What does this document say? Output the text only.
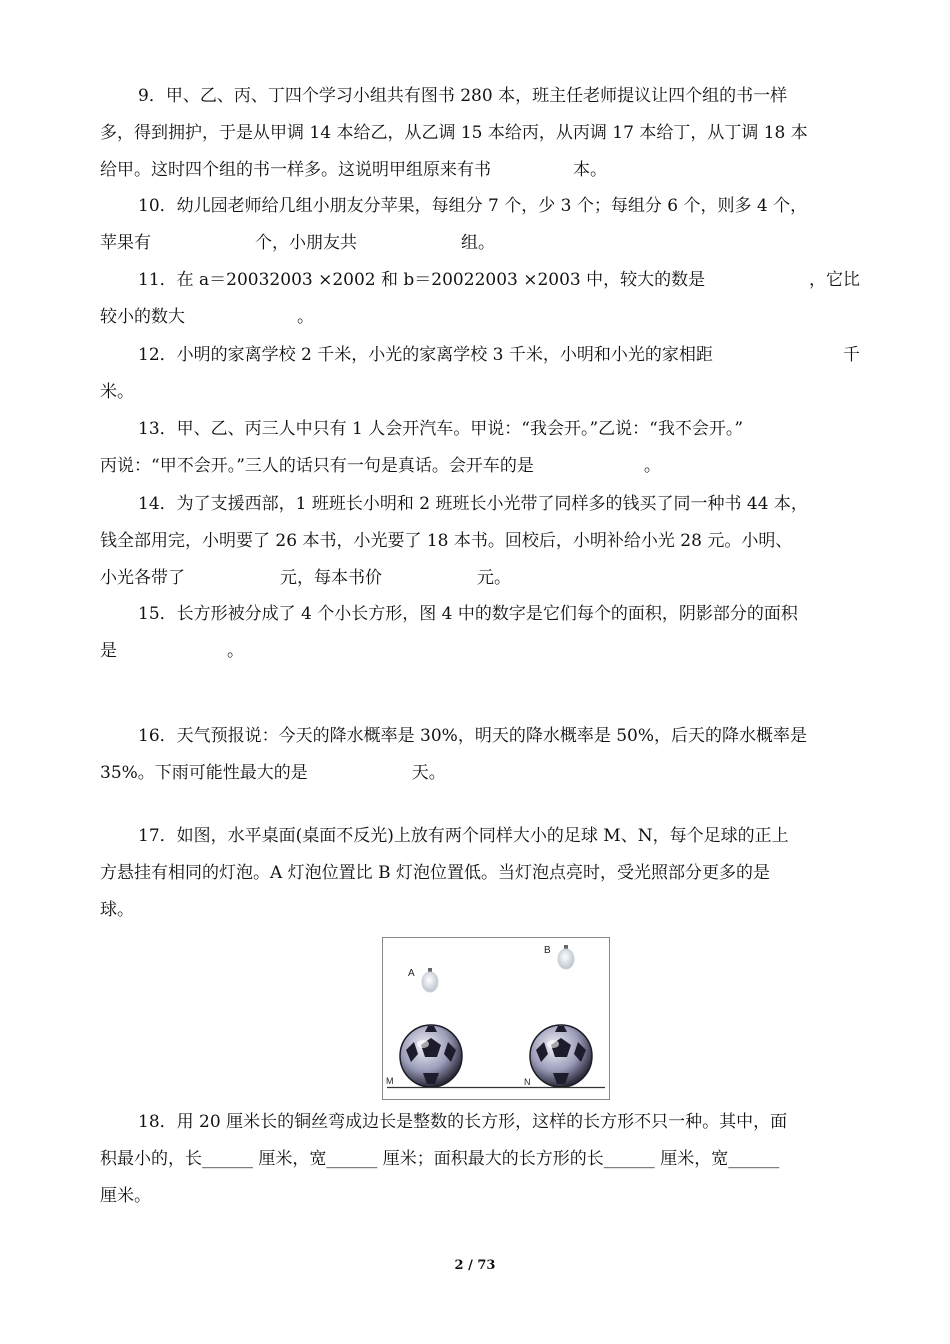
9．甲、乙、丙、丁四个学习小组共有图书 280 本，班主任老师提议让四个组的书一样
多，得到拥护，于是从甲调 14 本给乙，从乙调 15 本给丙，从丙调 17 本给丁，从丁调 18 本
给甲。这时四个组的书一样多。这说明甲组原来有书	本。
10．幼儿园老师给几组小朋友分苹果，每组分 7 个，少 3 个；每组分 6 个，则多 4 个，
苹果有	个，小朋友共	组。
11．在 a＝20032003 ×2002 和 b＝20022003 ×2003 中，较大的数是	，它比
较小的数大	。
12．小明的家离学校 2 千米，小光的家离学校 3 千米，小明和小光的家相距	千
米。
13．甲、乙、丙三人中只有 1 人会开汽车。甲说：“我会开。”乙说：“我不会开。”
丙说：“甲不会开。”三人的话只有一句是真话。会开车的是	。
14．为了支援西部，1 班班长小明和 2 班班长小光带了同样多的钱买了同一种书 44 本，
钱全部用完，小明要了 26 本书，小光要了 18 本书。回校后，小明补给小光 28 元。小明、
小光各带了	元，每本书价	元。
15．长方形被分成了 4 个小长方形，图 4 中的数字是它们每个的面积，阴影部分的面积
是	。
16．天气预报说：今天的降水概率是 30%，明天的降水概率是 50%，后天的降水概率是
35%。下雨可能性最大的是	天。
17．如图，水平桌面(桌面不反光)上放有两个同样大小的足球 M、N，每个足球的正上
方悬挂有相同的灯泡。A 灯泡位置比 B 灯泡位置低。当灯泡点亮时，受光照部分更多的是
球。
A
B
M	N
18．用 20 厘米长的铜丝弯成边长是整数的长方形，这样的长方形不只一种。其中，面
积最小的，长______ 厘米，宽______ 厘米；面积最大的长方形的长______ 厘米，宽______
厘米。
2 / 73
